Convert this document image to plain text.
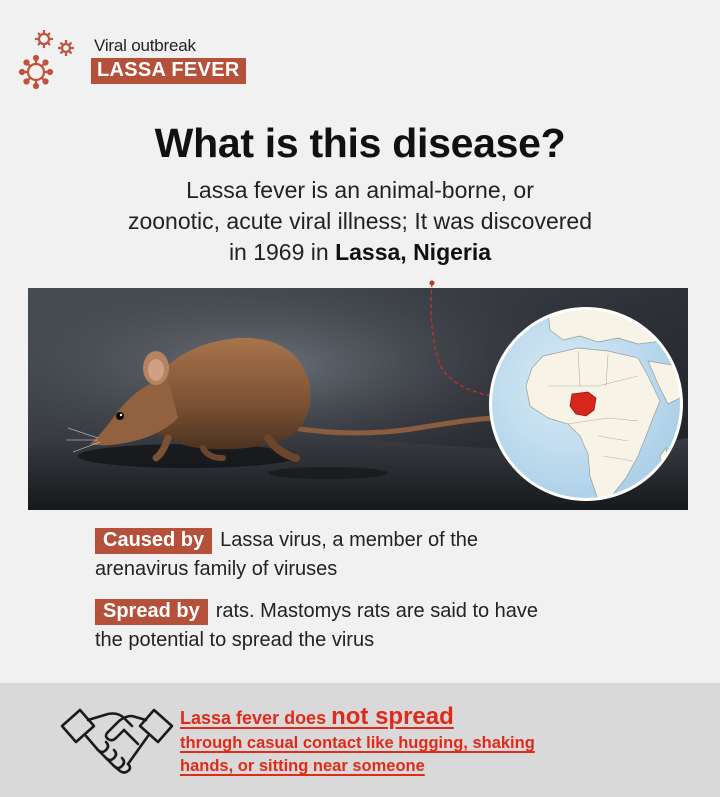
Viral outbreak
LASSA FEVER
What is this disease?
Lassa fever is an animal-borne, or
zoonotic, acute viral illness; It was discovered
in 1969 in Lassa, Nigeria
Caused by Lassa virus, a member of the
arenavirus family of viruses
Spread by rats. Mastomys rats are said to have
the potential to spread the virus
Lassa fever does not spread
through casual contact like hugging, shaking
hands, or sitting near someone
